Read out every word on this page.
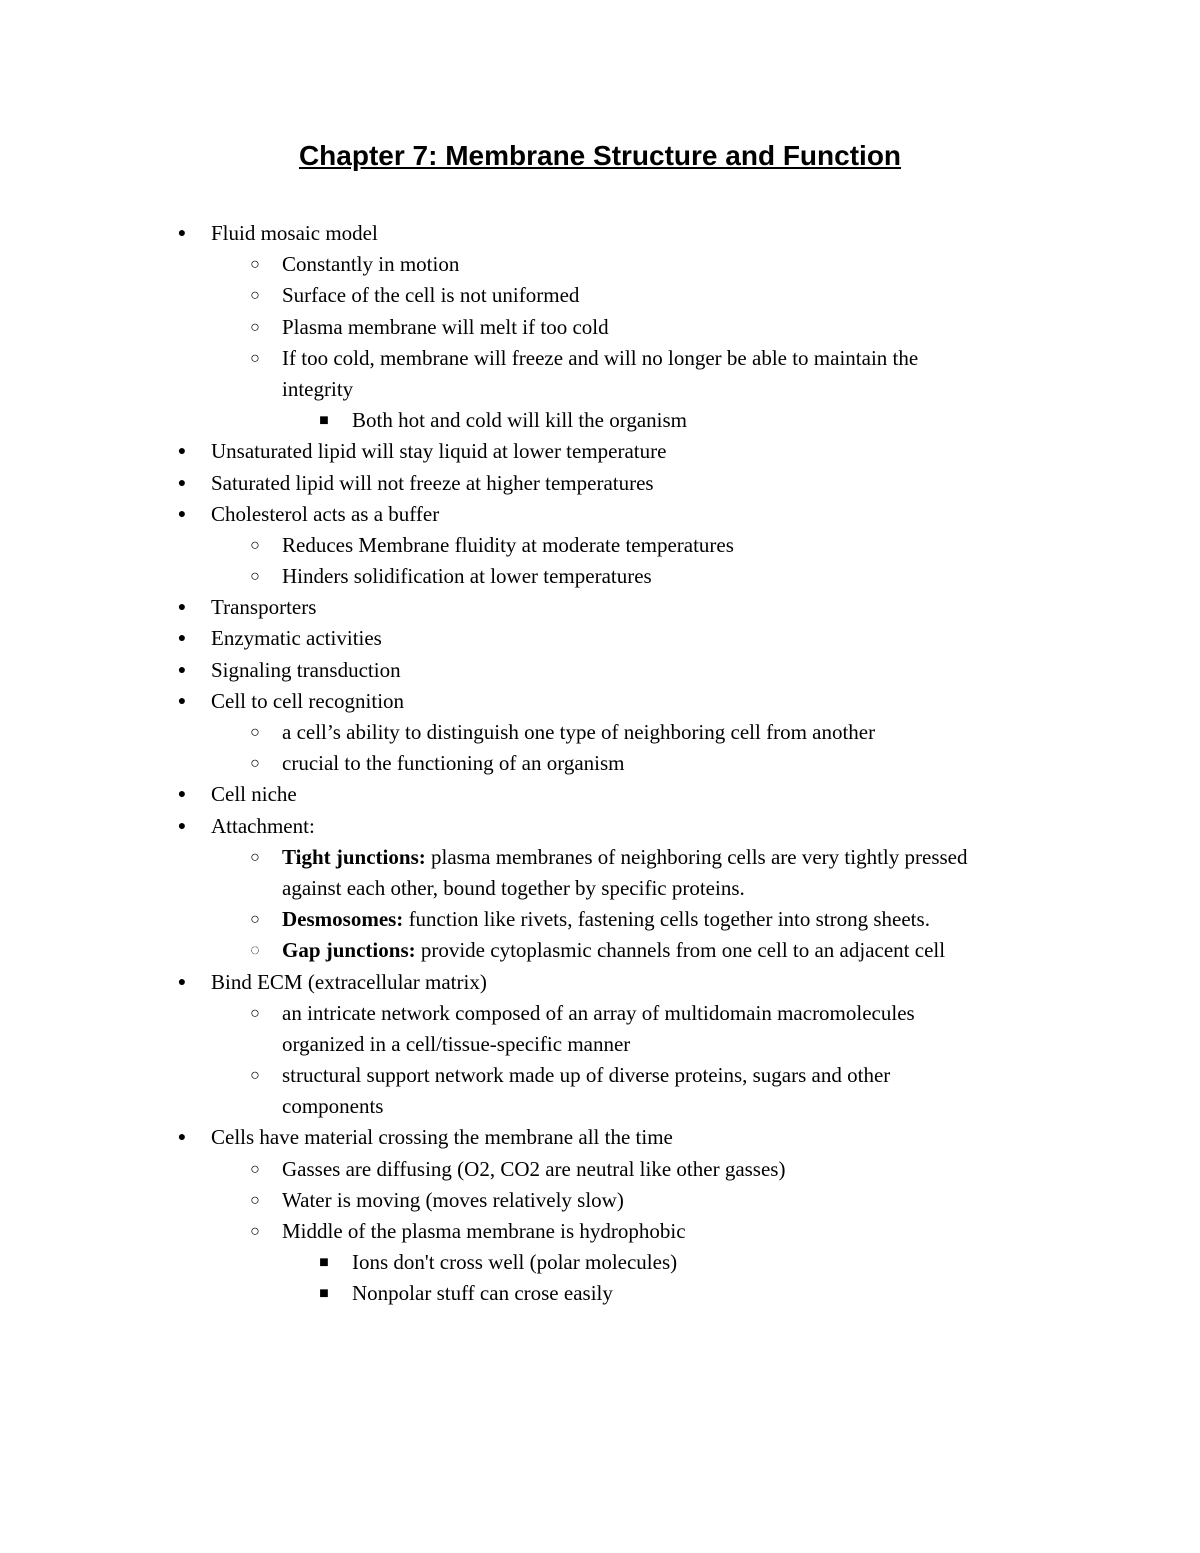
Chapter 7: Membrane Structure and Function
● Fluid mosaic model
○ Constantly in motion
○ Surface of the cell is not uniformed
○ Plasma membrane will melt if too cold
○ If too cold, membrane will freeze and will no longer be able to maintain the
integrity
■ Both hot and cold will kill the organism
● Unsaturated lipid will stay liquid at lower temperature
● Saturated lipid will not freeze at higher temperatures
● Cholesterol acts as a buffer
○ Reduces Membrane fluidity at moderate temperatures
○ Hinders solidification at lower temperatures
● Transporters
● Enzymatic activities
● Signaling transduction
● Cell to cell recognition
○ a cell’s ability to distinguish one type of neighboring cell from another
○ crucial to the functioning of an organism
● Cell niche
● Attachment:
○ Tight junctions: plasma membranes of neighboring cells are very tightly pressed
against each other, bound together by specific proteins.
○ Desmosomes: function like rivets, fastening cells together into strong sheets.
◌ Gap junctions: provide cytoplasmic channels from one cell to an adjacent cell
● Bind ECM (extracellular matrix)
○ an intricate network composed of an array of multidomain macromolecules
organized in a cell/tissue-specific manner
○ structural support network made up of diverse proteins, sugars and other
components
● Cells have material crossing the membrane all the time
○ Gasses are diffusing (O2, CO2 are neutral like other gasses)
○ Water is moving (moves relatively slow)
○ Middle of the plasma membrane is hydrophobic
■ Ions don't cross well (polar molecules)
■ Nonpolar stuff can crose easily
